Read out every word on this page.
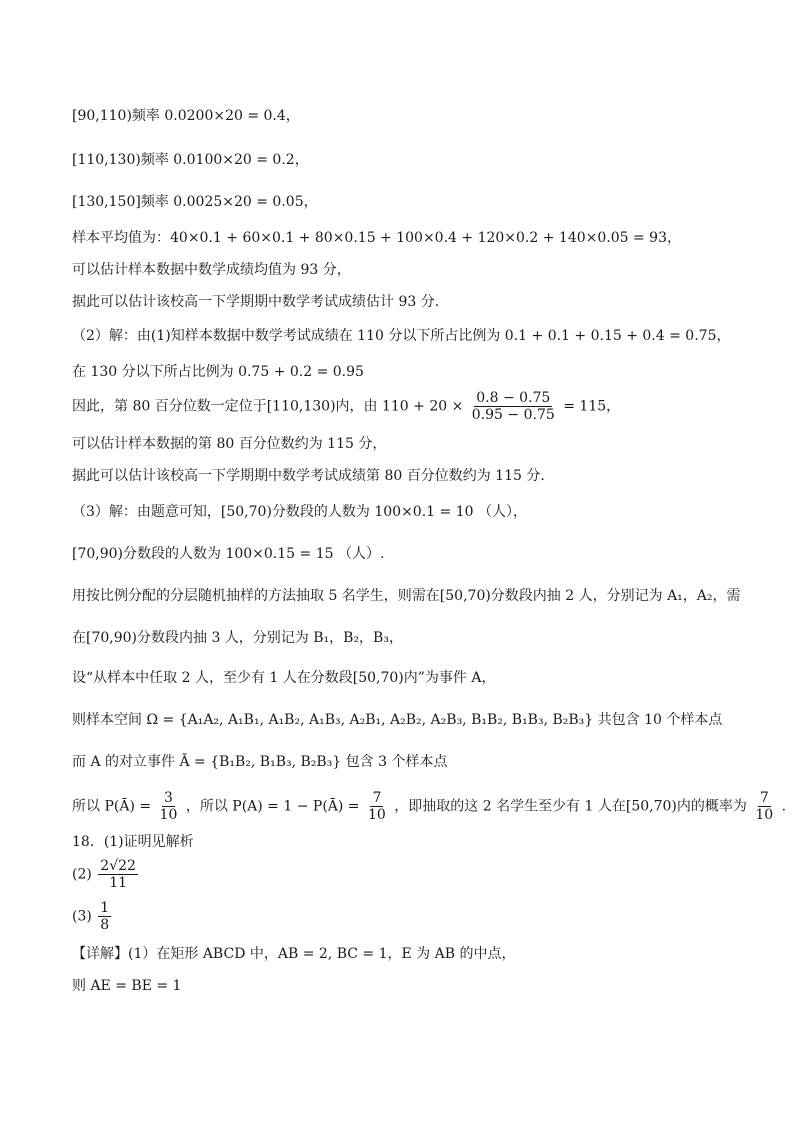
[90,110)频率 0.0200×20 = 0.4，
[110,130)频率 0.0100×20 = 0.2，
[130,150]频率 0.0025×20 = 0.05，
样本平均值为：40×0.1 + 60×0.1 + 80×0.15 + 100×0.4 + 120×0.2 + 140×0.05 = 93，
可以估计样本数据中数学成绩均值为 93 分，
据此可以估计该校高一下学期期中数学考试成绩估计 93 分．
（2）解：由(1)知样本数据中数学考试成绩在 110 分以下所占比例为 0.1 + 0.1 + 0.15 + 0.4 = 0.75，
在 130 分以下所占比例为 0.75 + 0.2 = 0.95
因此，第 80 百分位数一定位于[110,130)内，由 $110 + 20 \times \frac{0.8 - 0.75}{0.95 - 0.75} = 115$，
可以估计样本数据的第 80 百分位数约为 115 分，
据此可以估计该校高一下学期期中数学考试成绩第 80 百分位数约为 115 分.
（3）解：由题意可知，[50,70)分数段的人数为 100×0.1 = 10 （人），
[70,90)分数段的人数为 100×0.15 = 15 （人）.
用按比例分配的分层随机抽样的方法抽取 5 名学生，则需在[50,70)分数段内抽 2 人，分别记为 A₁，A₂，需
在[70,90)分数段内抽 3 人，分别记为 B₁，B₂，B₃，
设“从样本中任取 2 人，至少有 1 人在分数段[50,70)内”为事件 A，
则样本空间 Ω = {A₁A₂, A₁B₁, A₁B₂, A₁B₃, A₂B₁, A₂B₂, A₂B₃, B₁B₂, B₁B₃, B₂B₃} 共包含 10 个样本点
而 A 的对立事件 Ā = {B₁B₂, B₁B₃, B₂B₃} 包含 3 个样本点
所以 P(Ā) = $\frac{3}{10}$ ，所以 P(A) = 1 − P(Ā) = $\frac{7}{10}$ ，即抽取的这 2 名学生至少有 1 人在[50,70)内的概率为 $\frac{7}{10}$ .
18．(1)证明见解析
$(2) \frac{2√22}{11}$
$(3) \frac{1}{8}$
【详解】(1）在矩形 ABCD 中，AB = 2, BC = 1，E 为 AB 的中点，
则 AE = BE = 1
